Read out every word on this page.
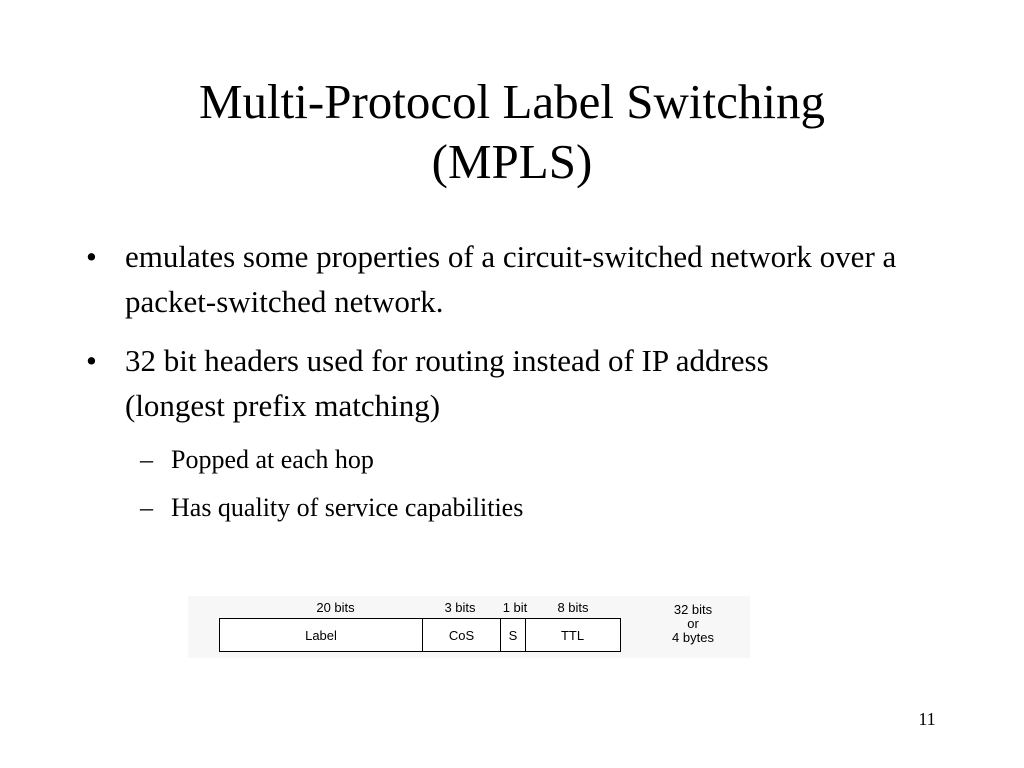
Multi-Protocol Label Switching
(MPLS)
• emulates some properties of a circuit-switched network over a packet-switched network.
• 32 bit headers used for routing instead of IP address (longest prefix matching)
– Popped at each hop
– Has quality of service capabilities
20 bits	3 bits	1 bit	8 bits
Label	CoS	S	TTL
32 bits
or
4 bytes
11
